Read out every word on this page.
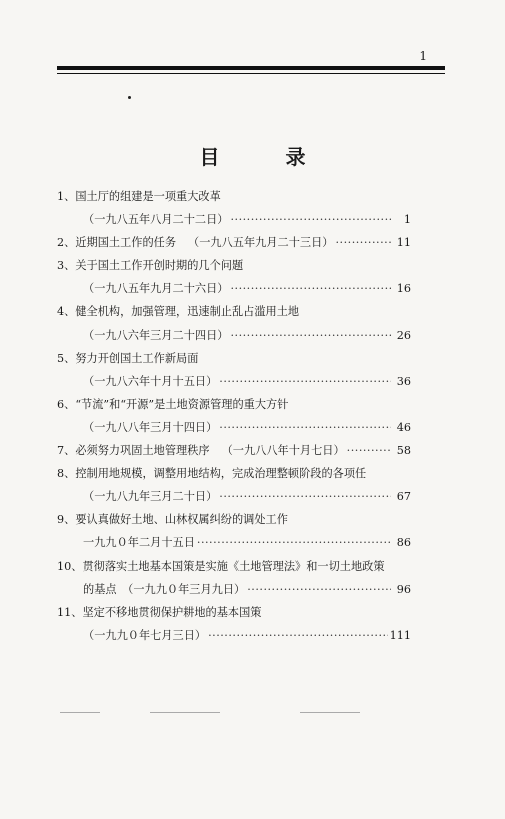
1
目	录
1、国土厅的组建是一项重大改革
（一九八五年八月二十二日） ·····	1
2、 近期国土工作的任务 （一九八五年九月二十三日） ·····	11
3、关于国土工作开创时期的几个问题
（一九八五年九月二十六日） ·····	16
4、健全机构，加强管理，迅速制止乱占滥用土地
（一九八六年三月二十四日） ·····	26
5、努力开创国土工作新局面
（一九八六年十月十五日） ·····	36
6、“节流”和“开源”是土地资源管理的重大方针
（一九八八年三月十四日） ·····	46
7、 必须努力巩固土地管理秩序 （一九八八年十月七日） ·····	58
8、控制用地规模，调整用地结构，完成治理整顿阶段的各项任
（一九八九年三月二十日） ·····	67
9、要认真做好土地、山林权属纠纷的调处工作
一九九０年二月十五日 ·····	86
10、贯彻落实土地基本国策是实施《土地管理法》和一切土地政策
的基点　（一九九０年三月九日） ·····	96
11、坚定不移地贯彻保护耕地的基本国策
（一九九０年七月三日） ·····	111
